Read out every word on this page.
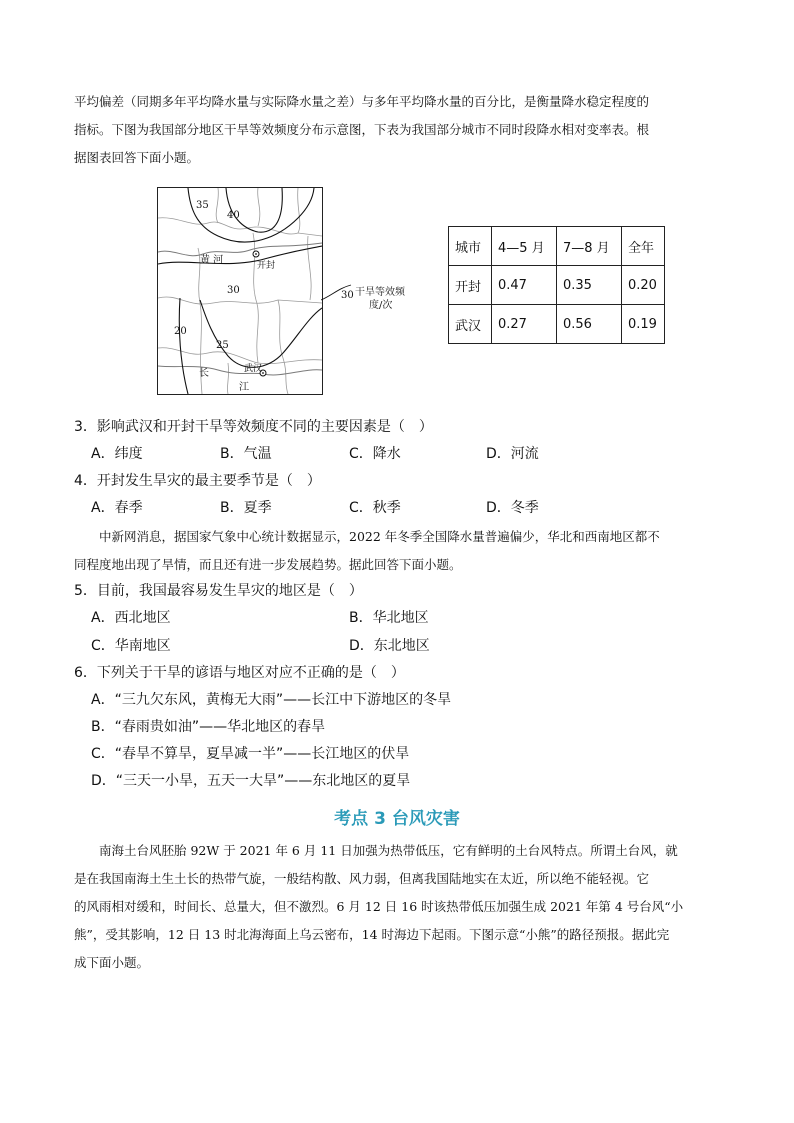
平均偏差（同期多年平均降水量与实际降水量之差）与多年平均降水量的百分比，是衡量降水稳定程度的

指标。下图为我国部分地区干旱等效频度分布示意图，下表为我国部分城市不同时段降水相对变率表。根

据图表回答下面小题。

35
40
30
25
20
黄 河
长
江
开封
武汉
30 干旱等效频
度/次
城市	4—5 月	7—8 月	全年
开封	0.47	0.35	0.20
武汉	0.27	0.56	0.19
3．影响武汉和开封干旱等效频度不同的主要因素是（　）
A．纬度	B．气温	C．降水	D．河流
4．开封发生旱灾的最主要季节是（　）
A．春季	B．夏季	C．秋季	D．冬季

中新网消息，据国家气象中心统计数据显示，2022 年冬季全国降水量普遍偏少，华北和西南地区都不

同程度地出现了旱情，而且还有进一步发展趋势。据此回答下面小题。

5．目前，我国最容易发生旱灾的地区是（　）
A．西北地区	B．华北地区
C．华南地区	D．东北地区
6．下列关于干旱的谚语与地区对应不正确的是（　）
A．“三九欠东风，黄梅无大雨”——长江中下游地区的冬旱
B．“春雨贵如油”——华北地区的春旱
C．“春旱不算旱，夏旱减一半”——长江地区的伏旱
D．“三天一小旱，五天一大旱”——东北地区的夏旱
考点 3 台风灾害

南海土台风胚胎 92W 于 2021 年 6 月 11 日加强为热带低压，它有鲜明的土台风特点。所谓土台风，就

是在我国南海土生土长的热带气旋，一般结构散、风力弱，但离我国陆地实在太近，所以绝不能轻视。它

的风雨相对缓和，时间长、总量大，但不激烈。6 月 12 日 16 时该热带低压加强生成 2021 年第 4 号台风“小

熊”，受其影响，12 日 13 时北海海面上乌云密布，14 时海边下起雨。下图示意“小熊”的路径预报。据此完

成下面小题。
